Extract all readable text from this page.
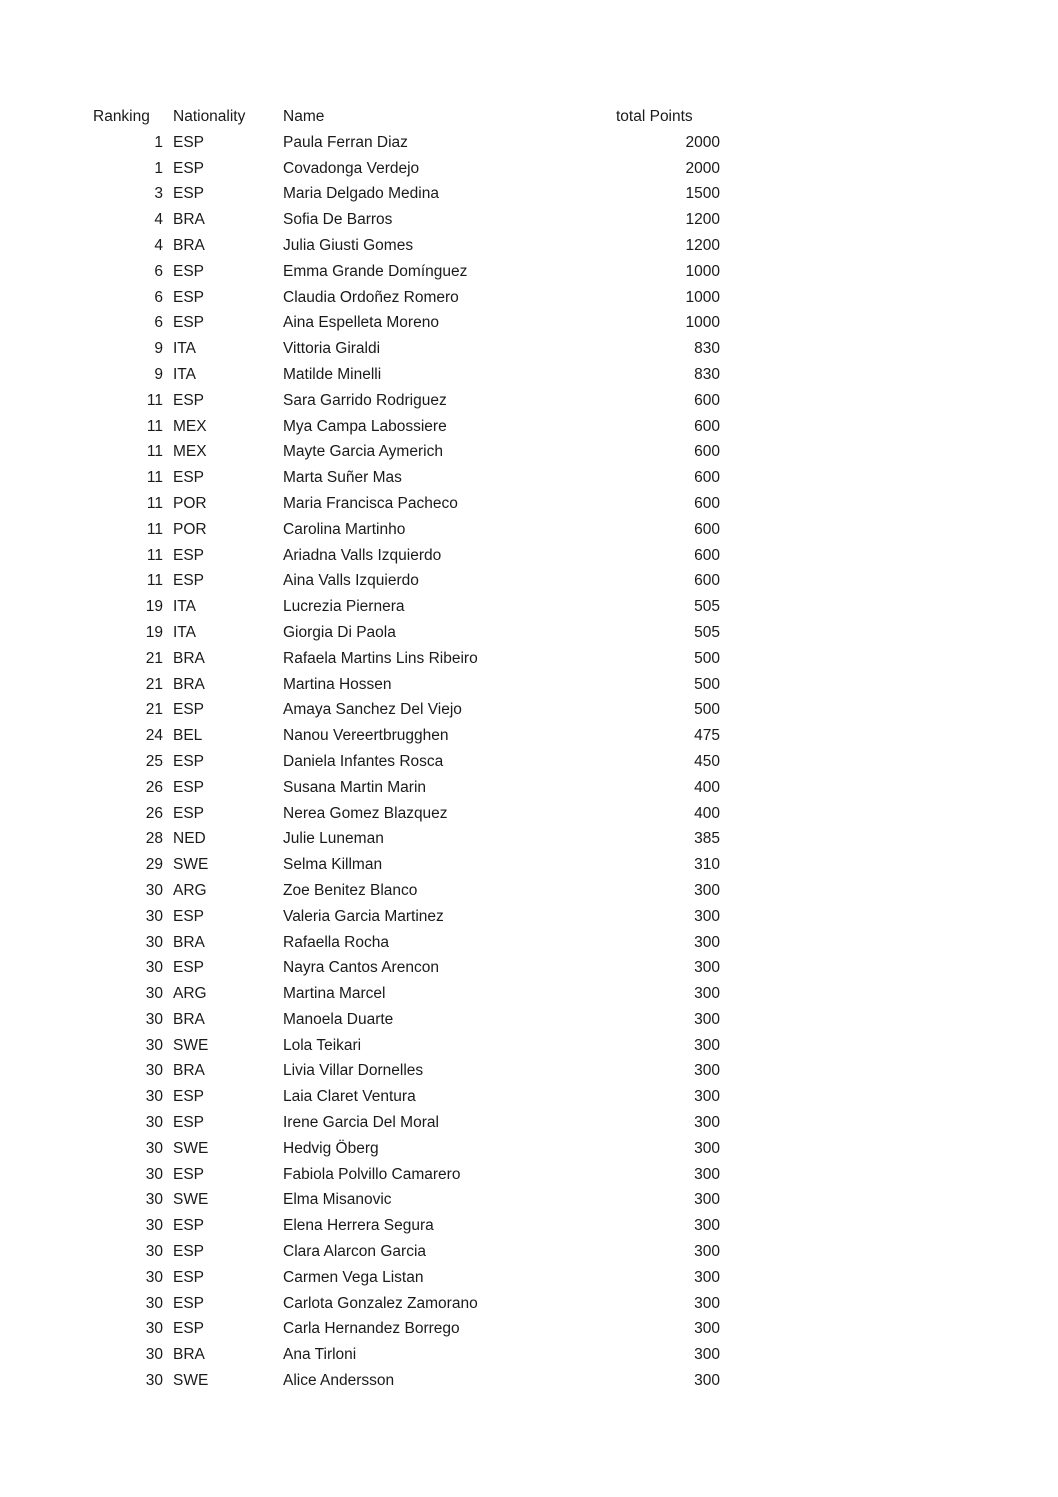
Ranking	Nationality	Name	total Points
1 ESP	Paula Ferran Diaz	2000
1 ESP	Covadonga Verdejo	2000
3 ESP	Maria Delgado Medina	1500
4 BRA	Sofia De Barros	1200
4 BRA	Julia Giusti Gomes	1200
6 ESP	Emma Grande Domínguez	1000
6 ESP	Claudia Ordoñez Romero	1000
6 ESP	Aina Espelleta Moreno	1000
9 ITA	Vittoria Giraldi	830
9 ITA	Matilde Minelli	830
11 ESP	Sara Garrido Rodriguez	600
11 MEX	Mya Campa Labossiere	600
11 MEX	Mayte Garcia Aymerich	600
11 ESP	Marta Suñer Mas	600
11 POR	Maria Francisca Pacheco	600
11 POR	Carolina Martinho	600
11 ESP	Ariadna Valls Izquierdo	600
11 ESP	Aina Valls Izquierdo	600
19 ITA	Lucrezia Piernera	505
19 ITA	Giorgia Di Paola	505
21 BRA	Rafaela Martins Lins Ribeiro	500
21 BRA	Martina Hossen	500
21 ESP	Amaya Sanchez Del Viejo	500
24 BEL	Nanou Vereertbrugghen	475
25 ESP	Daniela Infantes Rosca	450
26 ESP	Susana Martin Marin	400
26 ESP	Nerea Gomez Blazquez	400
28 NED	Julie Luneman	385
29 SWE	Selma Killman	310
30 ARG	Zoe Benitez Blanco	300
30 ESP	Valeria Garcia Martinez	300
30 BRA	Rafaella Rocha	300
30 ESP	Nayra Cantos Arencon	300
30 ARG	Martina Marcel	300
30 BRA	Manoela Duarte	300
30 SWE	Lola Teikari	300
30 BRA	Livia Villar Dornelles	300
30 ESP	Laia Claret Ventura	300
30 ESP	Irene Garcia Del Moral	300
30 SWE	Hedvig Öberg	300
30 ESP	Fabiola Polvillo Camarero	300
30 SWE	Elma Misanovic	300
30 ESP	Elena Herrera Segura	300
30 ESP	Clara Alarcon Garcia	300
30 ESP	Carmen Vega Listan	300
30 ESP	Carlota Gonzalez Zamorano	300
30 ESP	Carla Hernandez Borrego	300
30 BRA	Ana Tirloni	300
30 SWE	Alice Andersson	300
